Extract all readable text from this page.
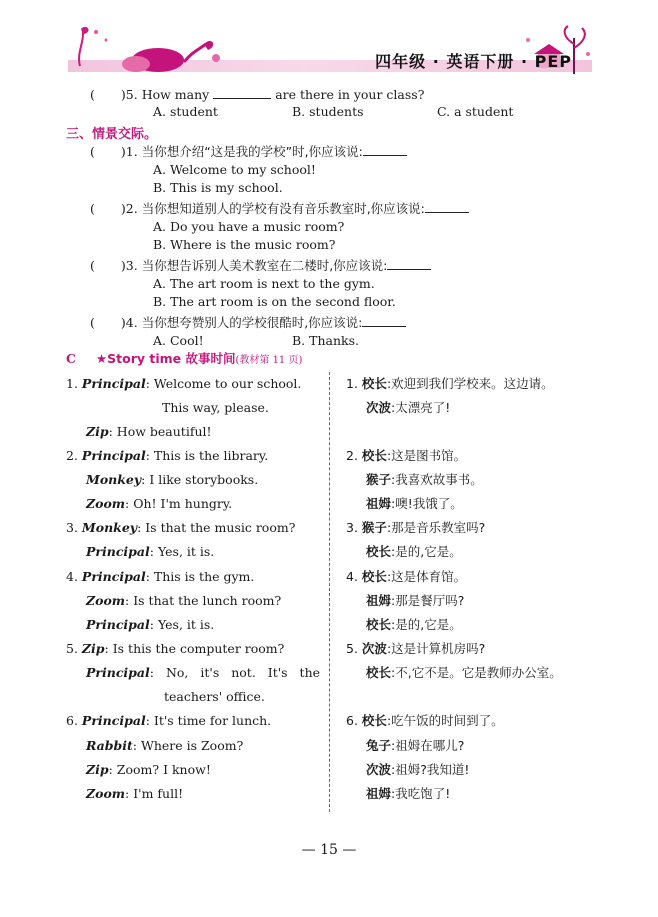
四年级 · 英语下册 · PEP
( )5. How many	are there in your class?
A. student	B. students	C. a student
三、情景交际。
( )1. 当你想介绍“这是我的学校”时,你应该说:
A. Welcome to my school!
B. This is my school.
( )2. 当你想知道别人的学校有没有音乐教室时,你应该说:
A. Do you have a music room?
B. Where is the music room?
( )3. 当你想告诉别人美术教室在二楼时,你应该说:
A. The art room is next to the gym.
B. The art room is on the second floor.
( )4. 当你想夸赞别人的学校很酷时,你应该说:
A. Cool!	B. Thanks.
C ★Story time 故事时间(教材第 11 页)
1. Principal: Welcome to our school.
This way, please.
Zip: How beautiful!
2. Principal: This is the library.
Monkey: I like storybooks.
Zoom: Oh! I'm hungry.
3. Monkey: Is that the music room?
Principal: Yes, it is.
4. Principal: This is the gym.
Zoom: Is that the lunch room?
Principal: Yes, it is.
5. Zip: Is this the computer room?
Principal: No, it's not. It's the
teachers' office.
6. Principal: It's time for lunch.
Rabbit: Where is Zoom?
Zip: Zoom? I know!
Zoom: I'm full!
1. 校长:欢迎到我们学校来。这边请。
次波:太漂亮了!
2. 校长:这是图书馆。
猴子:我喜欢故事书。
祖姆:噢!我饿了。
3. 猴子:那是音乐教室吗?
校长:是的,它是。
4. 校长:这是体育馆。
祖姆:那是餐厅吗?
校长:是的,它是。
5. 次波:这是计算机房吗?
校长:不,它不是。它是教师办公室。
6. 校长:吃午饭的时间到了。
兔子:祖姆在哪儿?
次波:祖姆?我知道!
祖姆:我吃饱了!
— 15 —
